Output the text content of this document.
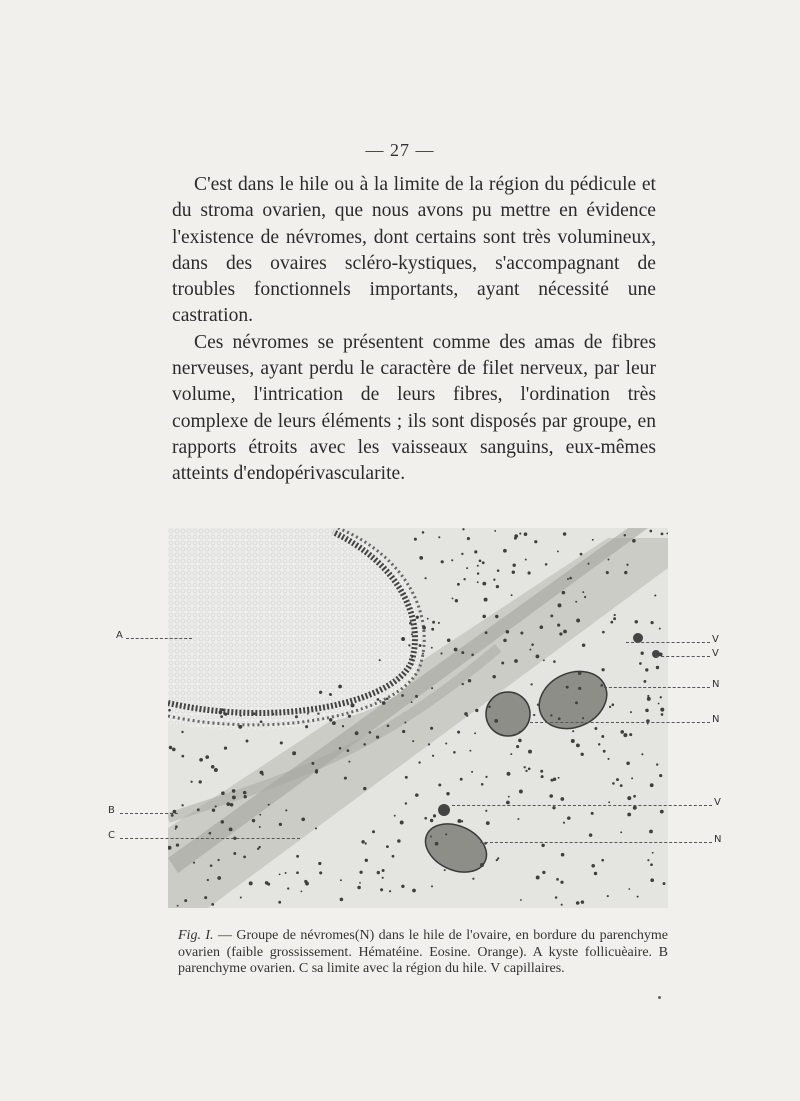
— 27 —

C'est dans le hile ou à la limite de la région du pédicule et du stroma ovarien, que nous avons pu mettre en évidence l'existence de névromes, dont certains sont très volumineux, dans des ovaires scléro-kystiques, s'accompagnant de troubles fonctionnels importants, ayant nécessité une castration.

Ces névromes se présentent comme des amas de fibres nerveuses, ayant perdu le caractère de filet nerveux, par leur volume, l'intrication de leurs fibres, l'ordination très complexe de leurs éléments ; ils sont disposés par groupe, en rapports étroits avec les vaisseaux sanguins, eux-mêmes atteints d'endopérivascularite.

A
B
C
V
V
N
N
V
N
Fig. I. — Groupe de névromes(N) dans le hile de l'ovaire, en bordure du parenchyme ovarien (faible grossissement. Hématéine. Eosine. Orange). A kyste follicuèaire. B parenchyme ovarien. C sa limite avec la région du hile. V capillaires.
